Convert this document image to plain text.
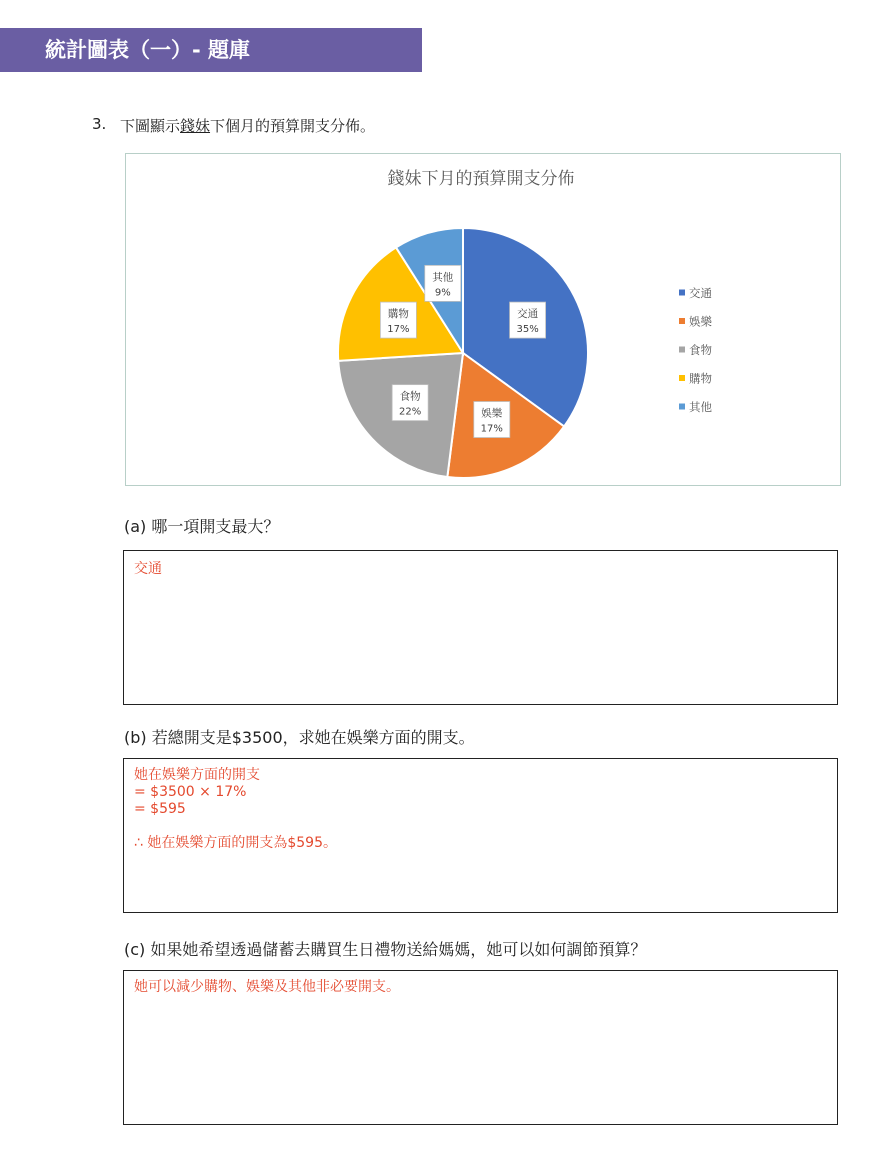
統計圖表（一）- 題庫
3. 下圖顯示錢妹下個月的預算開支分佈。
錢妹下月的預算開支分佈
交通
35%
娛樂
17%
食物
22%
購物
17%
其他
9%	交通
娛樂
食物
購物
其他
(a) 哪一項開支最大？
交通
(b) 若總開支是$3500，求她在娛樂方面的開支。
她在娛樂方面的開支
= $3500 × 17%
= $595

∴ 她在娛樂方面的開支為$595。
(c) 如果她希望透過儲蓄去購買生日禮物送給媽媽，她可以如何調節預算？
她可以減少購物、娛樂及其他非必要開支。
